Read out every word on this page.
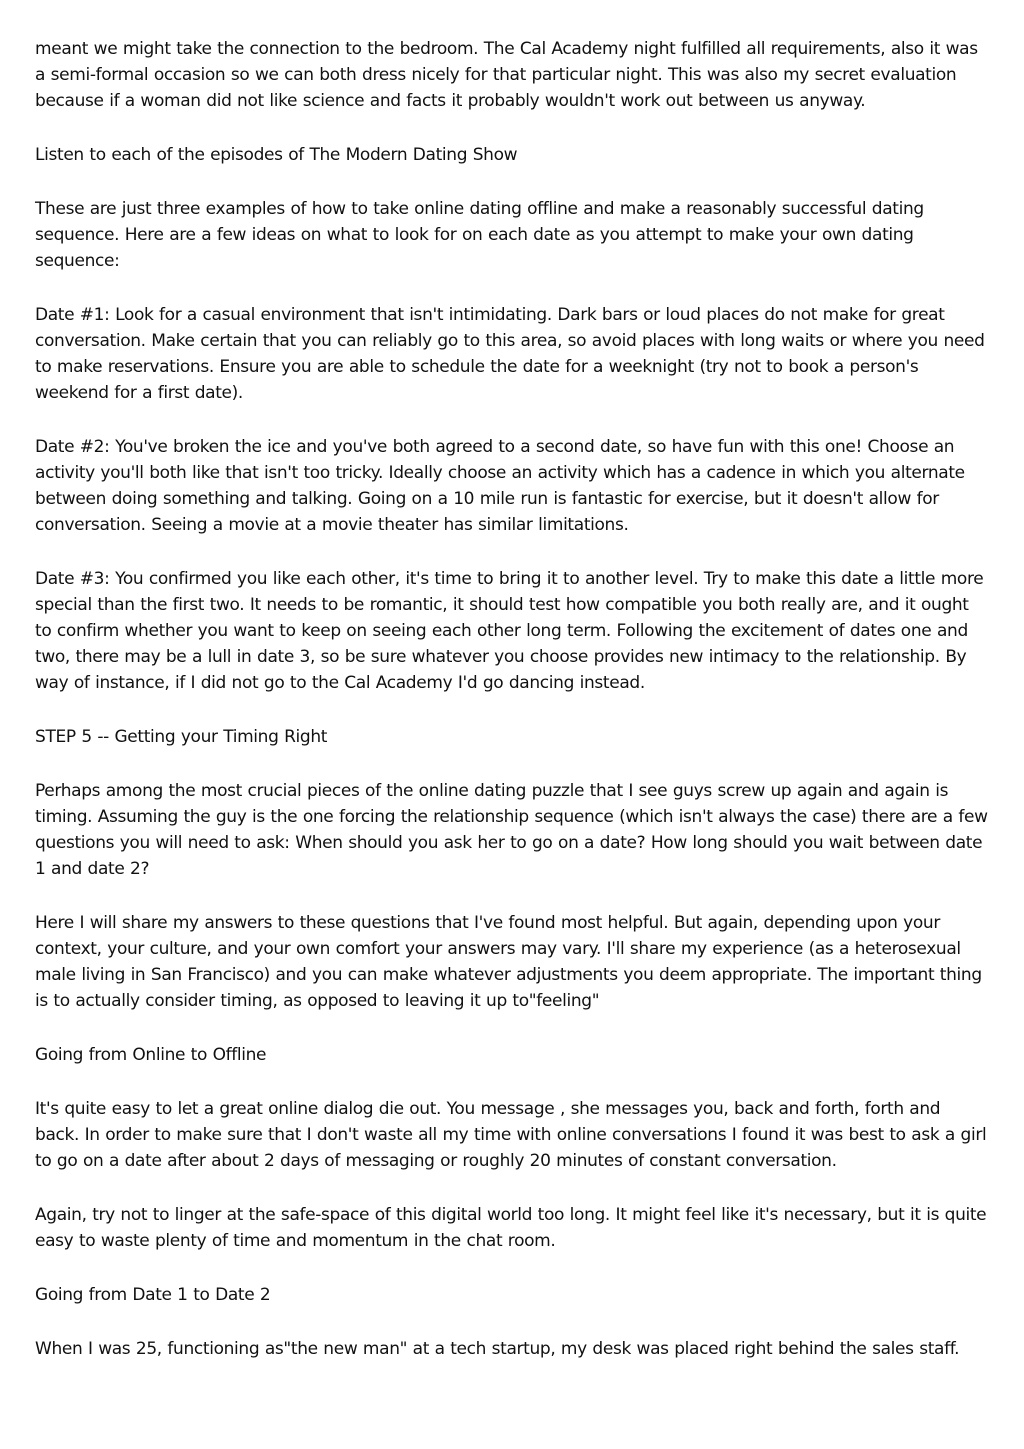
meant we might take the connection to the bedroom. The Cal Academy night fulfilled all requirements, also it was a semi-formal occasion so we can both dress nicely for that particular night. This was also my secret evaluation because if a woman did not like science and facts it probably wouldn't work out between us anyway.

Listen to each of the episodes of The Modern Dating Show

These are just three examples of how to take online dating offline and make a reasonably successful dating sequence. Here are a few ideas on what to look for on each date as you attempt to make your own dating sequence:

Date #1: Look for a casual environment that isn't intimidating. Dark bars or loud places do not make for great conversation. Make certain that you can reliably go to this area, so avoid places with long waits or where you need to make reservations. Ensure you are able to schedule the date for a weeknight (try not to book a person's weekend for a first date).

Date #2: You've broken the ice and you've both agreed to a second date, so have fun with this one! Choose an activity you'll both like that isn't too tricky. Ideally choose an activity which has a cadence in which you alternate between doing something and talking. Going on a 10 mile run is fantastic for exercise, but it doesn't allow for conversation. Seeing a movie at a movie theater has similar limitations.

Date #3: You confirmed you like each other, it's time to bring it to another level. Try to make this date a little more special than the first two. It needs to be romantic, it should test how compatible you both really are, and it ought to confirm whether you want to keep on seeing each other long term. Following the excitement of dates one and two, there may be a lull in date 3, so be sure whatever you choose provides new intimacy to the relationship. By way of instance, if I did not go to the Cal Academy I'd go dancing instead.

STEP 5 -- Getting your Timing Right

Perhaps among the most crucial pieces of the online dating puzzle that I see guys screw up again and again is timing. Assuming the guy is the one forcing the relationship sequence (which isn't always the case) there are a few questions you will need to ask: When should you ask her to go on a date? How long should you wait between date 1 and date 2?

Here I will share my answers to these questions that I've found most helpful. But again, depending upon your context, your culture, and your own comfort your answers may vary. I'll share my experience (as a heterosexual male living in San Francisco) and you can make whatever adjustments you deem appropriate. The important thing is to actually consider timing, as opposed to leaving it up to"feeling"

Going from Online to Offline

It's quite easy to let a great online dialog die out. You message , she messages you, back and forth, forth and back. In order to make sure that I don't waste all my time with online conversations I found it was best to ask a girl to go on a date after about 2 days of messaging or roughly 20 minutes of constant conversation.

Again, try not to linger at the safe-space of this digital world too long. It might feel like it's necessary, but it is quite easy to waste plenty of time and momentum in the chat room.

Going from Date 1 to Date 2

When I was 25, functioning as"the new man" at a tech startup, my desk was placed right behind the sales staff.
